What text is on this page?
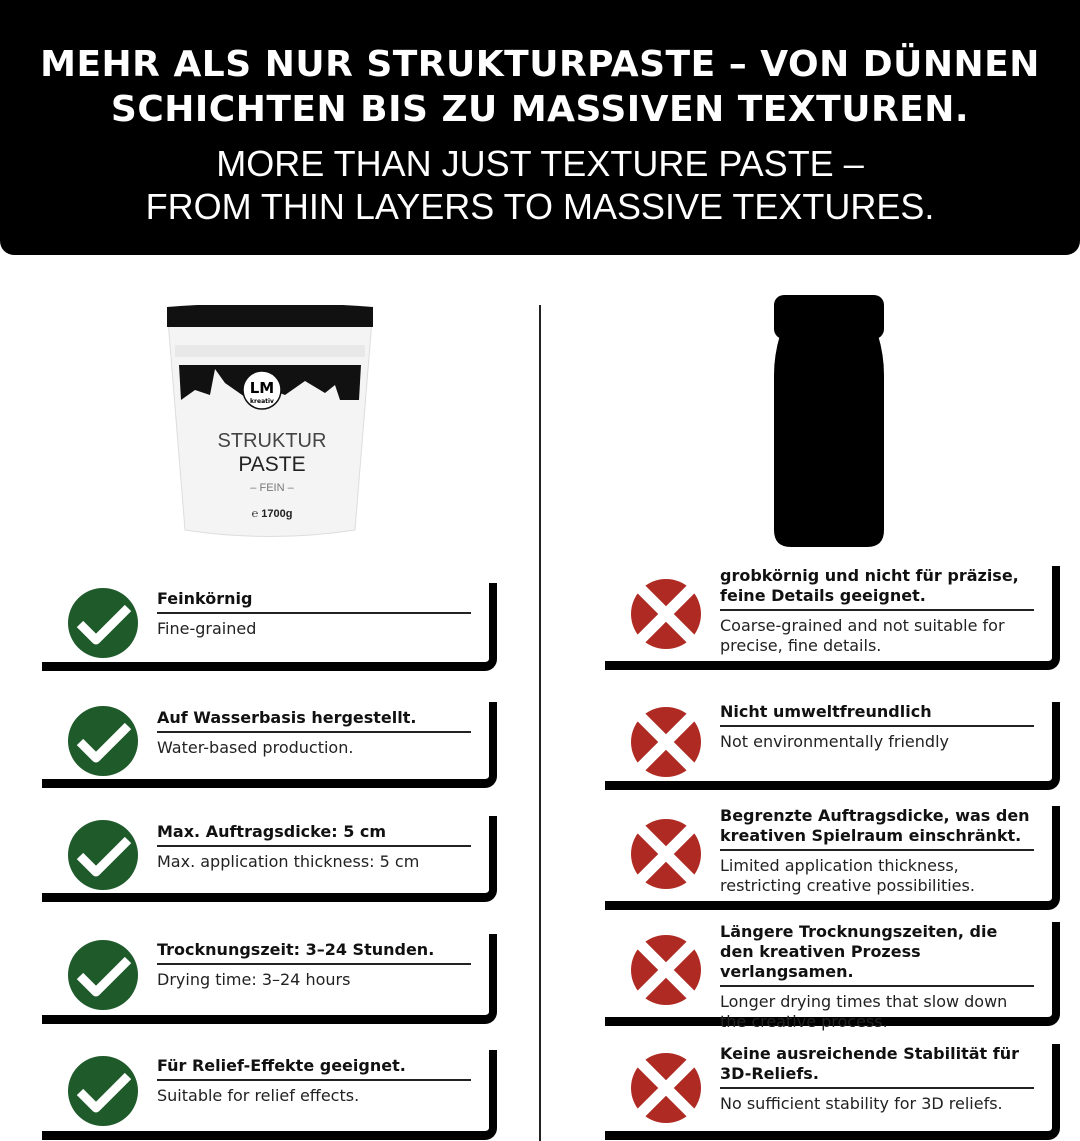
MEHR ALS NUR STRUKTURPASTE – VON DÜNNEN
SCHICHTEN BIS ZU MASSIVEN TEXTUREN.
MORE THAN JUST TEXTURE PASTE –
FROM THIN LAYERS TO MASSIVE TEXTURES.
LM
kreativ
STRUKTUR
PASTE
– FEIN –
℮ 1700g
Feinkörnig
Fine-grained
Auf Wasserbasis hergestellt.
Water-based production.
Max. Auftragsdicke: 5 cm
Max. application thickness: 5 cm
Trocknungszeit: 3–24 Stunden.
Drying time: 3–24 hours
Für Relief-Effekte geeignet.
Suitable for relief effects.
grobkörnig und nicht für präzise, feine Details geeignet.
Coarse-grained and not suitable for precise, fine details.
Nicht umweltfreundlich
Not environmentally friendly
Begrenzte Auftragsdicke, was den kreativen Spielraum einschränkt.
Limited application thickness, restricting creative possibilities.
Längere Trocknungszeiten, die den kreativen Prozess verlangsamen.
Longer drying times that slow down the creative process.
Keine ausreichende Stabilität für 3D-Reliefs.
No sufficient stability for 3D reliefs.
